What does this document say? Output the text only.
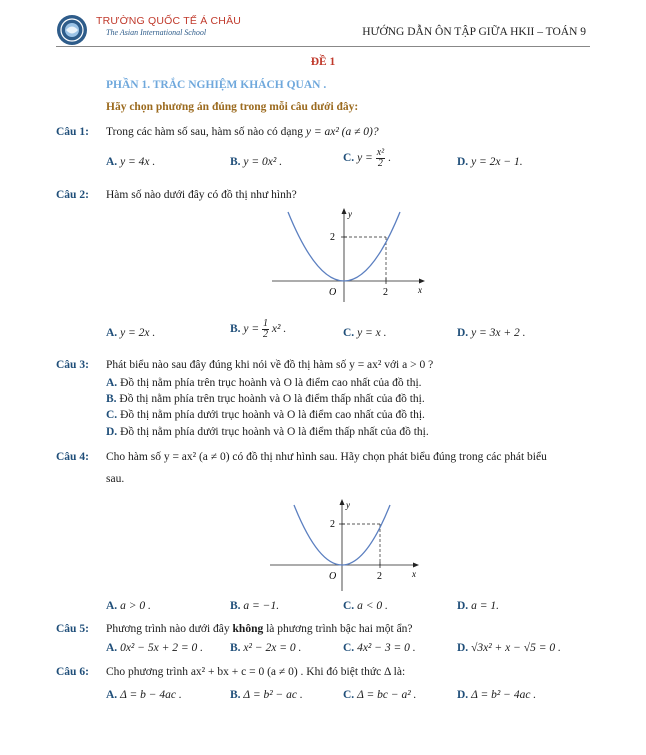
TRƯỜNG QUỐC TẾ Á CHÂU
The Asian International School	HƯỚNG DẪN ÔN TẬP GIỮA HKII – TOÁN 9
ĐỀ 1
PHẦN 1. TRẮC NGHIỆM KHÁCH QUAN .
Hãy chọn phương án đúng trong mỗi câu dưới đây:
Câu 1: Trong các hàm số sau, hàm số nào có dạng y = ax² (a ≠ 0)?
A. y = 4x .	B. y = 0x² .	C. $y = \frac{\text{x²}}{2}$ .	D. y = 2x − 1.
Câu 2: Hàm số nào dưới đây có đồ thị như hình?
y
x
O
2
2
A. y = 2x .	B. $y = \frac{1}{2} x^2$ .	C. y = x .	D. y = 3x + 2 .
Câu 3: Phát biểu nào sau đây đúng khi nói về đồ thị hàm số y = ax² với a > 0 ?
A. Đồ thị nằm phía trên trục hoành và O là điểm cao nhất của đồ thị.
B. Đồ thị nằm phía trên trục hoành và O là điểm thấp nhất của đồ thị.
C. Đồ thị nằm phía dưới trục hoành và O là điểm cao nhất của đồ thị.
D. Đồ thị nằm phía dưới trục hoành và O là điểm thấp nhất của đồ thị.
Câu 4: Cho hàm số y = ax² (a ≠ 0) có đồ thị như hình sau. Hãy chọn phát biểu đúng trong các phát biểu
sau.
y
x
O
2
2
A. a > 0 .	B. a = −1.	C. a < 0 .	D. a = 1.
Câu 5: Phương trình nào dưới đây không là phương trình bậc hai một ẩn?
A. 0x² − 5x + 2 = 0 . B. x² − 2x = 0 .	C. 4x² − 3 = 0 .	D. √3x² + x − √5 = 0 .
Câu 6: Cho phương trình ax² + bx + c = 0 (a ≠ 0) . Khi đó biệt thức Δ là:
A. Δ = b − 4ac .	B. Δ = b² − ac .	C. Δ = bc − a² .	D. Δ = b² − 4ac .
